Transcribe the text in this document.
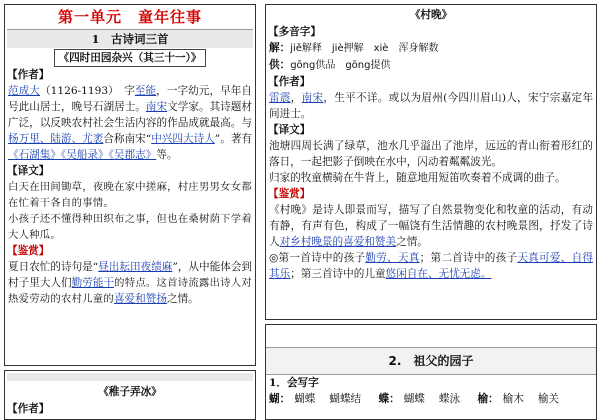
第一单元　童年往事
1　古诗词三首
《四时田园杂兴（其三十一）》
【作者】
范成大（1126-1193）　字至能，一字幼元，早年自号此山居士，晚号石湖居士。南宋文学家。其诗题材广泛，以反映农村社会生活内容的作品成就最高。与杨万里、陆游、尤袤合称南宋“中兴四大诗人”。著有《石湖集》《吴船录》《吴郡志》等。
【译文】
白天在田间锄草，夜晚在家中搓麻，村庄男男女女都在忙着干各自的事情。
小孩子还不懂得种田织布之事，但也在桑树荫下学着大人种瓜。
【鉴赏】
夏日农忙的诗句是“昼出耘田夜绩麻”，从中能体会到村子里大人们勤劳能干的特点。这首诗流露出诗人对热爱劳动的农村儿童的喜爱和赞扬之情。
《稚子弄冰》
【作者】
《村晚》
【多音字】
解：jiě解释　jiè押解　xiè　浑身解数
供：gōng供品　gōng提供
【作者】
雷震，南宋，生平不详。或以为眉州(今四川眉山)人，宋宁宗嘉定年间进士。
【译文】
池塘四周长满了绿草，池水几乎溢出了池岸，远远的青山衔着形红的落日，一起把影子倒映在水中，闪动着粼粼波光。
归家的牧童横骑在牛背上，随意地用短笛吹奏着不成调的曲子。
【鉴赏】
《村晚》是诗人即景而写，描写了自然景物变化和牧童的活动，有动有静，有声有色，构成了一幅饶有生活情趣的农村晚景图，抒发了诗人对乡村晚景的喜爱和赞美之情。
◎第一首诗中的孩子勤劳、天真；第二首诗中的孩子天真可爱、自得其乐；第三首诗中的儿童悠闲自在、无忧无虑。
2.　祖父的园子
1．会写字
蝴： 蝴蝶 蝴蝶结 蝶： 蝴蝶 蝶泳 榆： 榆木 榆关
